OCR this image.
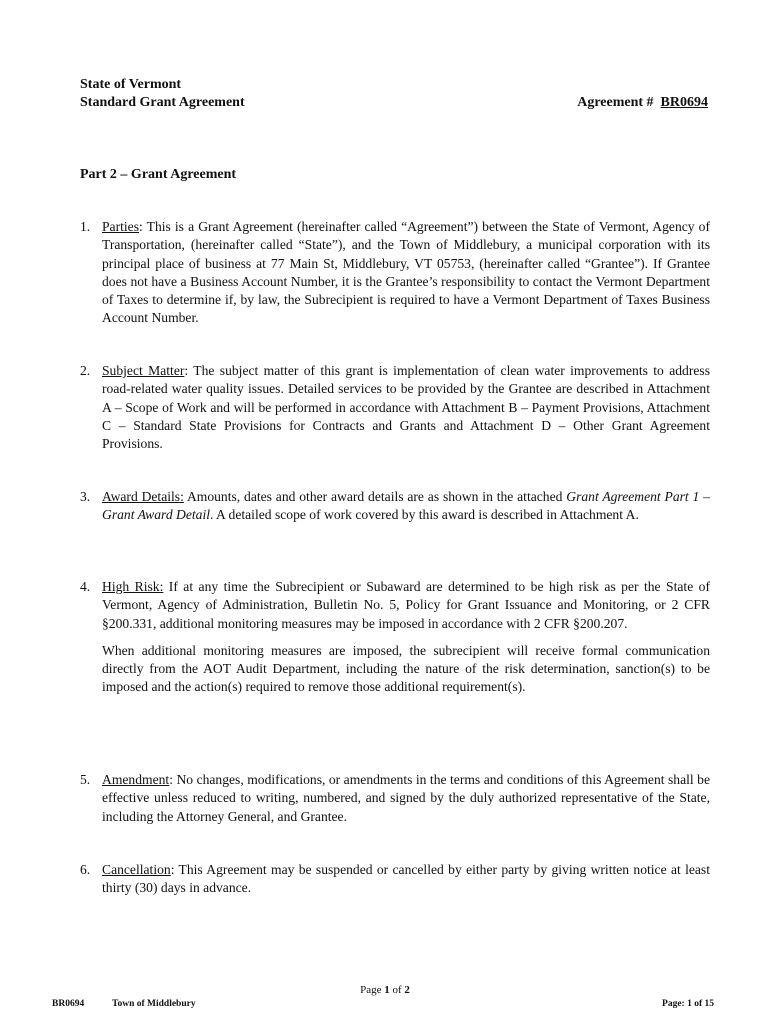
State of Vermont
Standard Grant Agreement	Agreement # BR0694
Part 2 – Grant Agreement
1. Parties: This is a Grant Agreement (hereinafter called “Agreement”) between the State of Vermont, Agency of Transportation, (hereinafter called “State”), and the Town of Middlebury, a municipal corporation with its principal place of business at 77 Main St, Middlebury, VT 05753, (hereinafter called “Grantee”). If Grantee does not have a Business Account Number, it is the Grantee’s responsibility to contact the Vermont Department of Taxes to determine if, by law, the Subrecipient is required to have a Vermont Department of Taxes Business Account Number.

2. Subject Matter: The subject matter of this grant is implementation of clean water improvements to address road-related water quality issues. Detailed services to be provided by the Grantee are described in Attachment A – Scope of Work and will be performed in accordance with Attachment B – Payment Provisions, Attachment C – Standard State Provisions for Contracts and Grants and Attachment D – Other Grant Agreement Provisions.

3. Award Details: Amounts, dates and other award details are as shown in the attached Grant Agreement Part 1 – Grant Award Detail. A detailed scope of work covered by this award is described in Attachment A.

4. High Risk: If at any time the Subrecipient or Subaward are determined to be high risk as per the State of Vermont, Agency of Administration, Bulletin No. 5, Policy for Grant Issuance and Monitoring, or 2 CFR §200.331, additional monitoring measures may be imposed in accordance with 2 CFR §200.207.

When additional monitoring measures are imposed, the subrecipient will receive formal communication directly from the AOT Audit Department, including the nature of the risk determination, sanction(s) to be imposed and the action(s) required to remove those additional requirement(s).

5. Amendment: No changes, modifications, or amendments in the terms and conditions of this Agreement shall be effective unless reduced to writing, numbered, and signed by the duly authorized representative of the State, including the Attorney General, and Grantee.

6. Cancellation: This Agreement may be suspended or cancelled by either party by giving written notice at least thirty (30) days in advance.

Page 1 of 2
BR0694	Town of Middlebury	Page: 1 of 15
